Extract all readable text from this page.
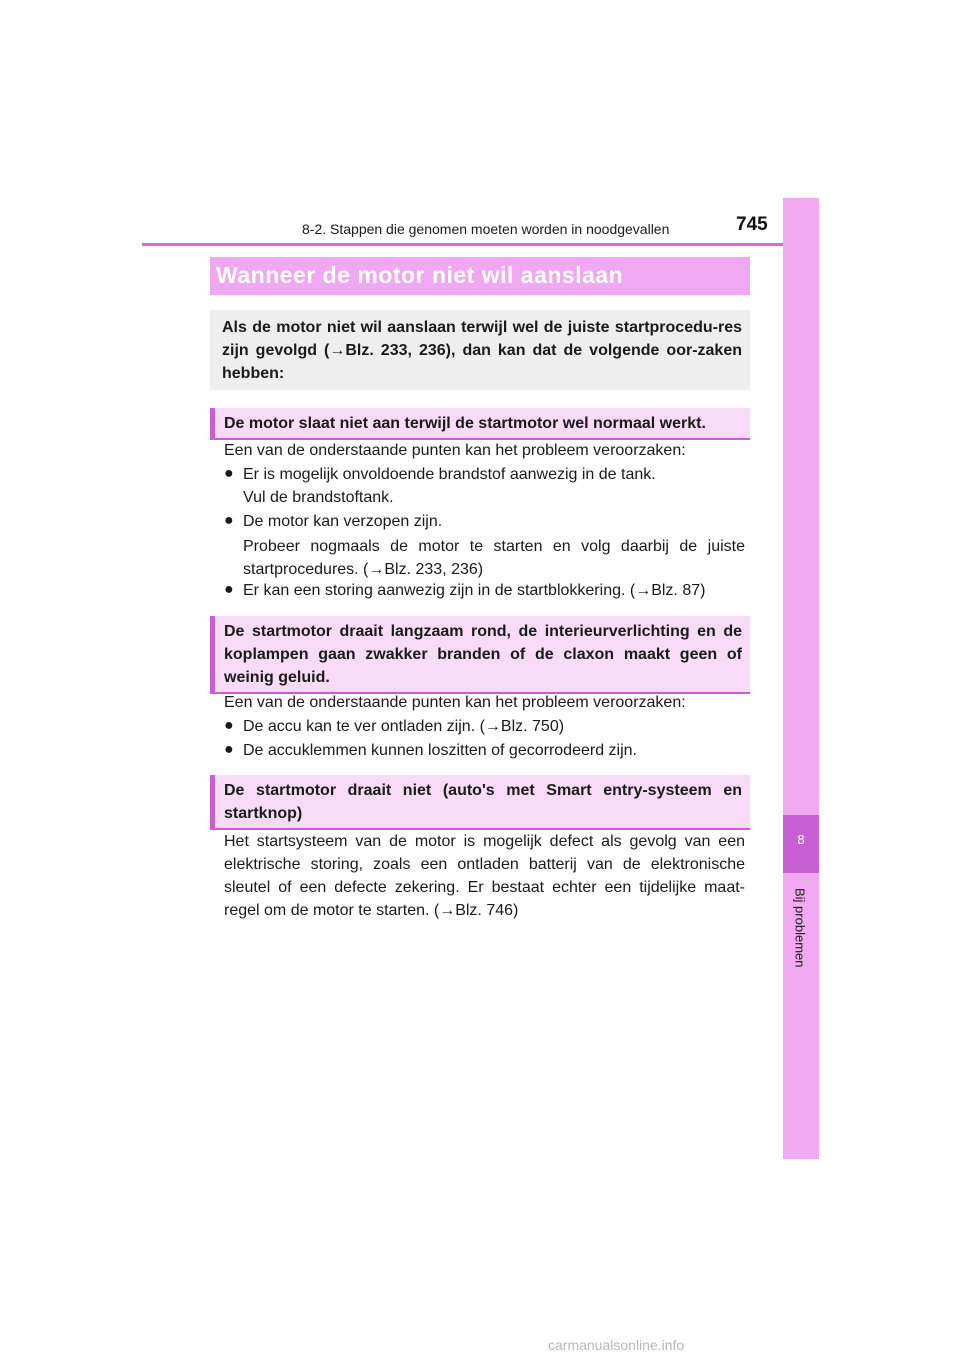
8-2. Stappen die genomen moeten worden in noodgevallen	745
8
Bij problemen
Wanneer de motor niet wil aanslaan

Als de motor niet wil aanslaan terwijl wel de juiste startprocedu-res zijn gevolgd (→Blz. 233, 236), dan kan dat de volgende oor-zaken hebben:

De motor slaat niet aan terwijl de startmotor wel normaal werkt.

Een van de onderstaande punten kan het probleem veroorzaken:
● Er is mogelijk onvoldoende brandstof aanwezig in de tank.
Vul de brandstoftank.
● De motor kan verzopen zijn.
Probeer nogmaals de motor te starten en volg daarbij de juiste startprocedures. (→Blz. 233, 236)
● Er kan een storing aanwezig zijn in de startblokkering. (→Blz. 87)

De startmotor draait langzaam rond, de interieurverlichting en de koplampen gaan zwakker branden of de claxon maakt geen of weinig geluid.

Een van de onderstaande punten kan het probleem veroorzaken:
● De accu kan te ver ontladen zijn. (→Blz. 750)
● De accuklemmen kunnen loszitten of gecorrodeerd zijn.

De startmotor draait niet (auto's met Smart entry-systeem en startknop)

Het startsysteem van de motor is mogelijk defect als gevolg van een elektrische storing, zoals een ontladen batterij van de elektronische sleutel of een defecte zekering. Er bestaat echter een tijdelijke maat-regel om de motor te starten. (→Blz. 746)
carmanualsonline.info
